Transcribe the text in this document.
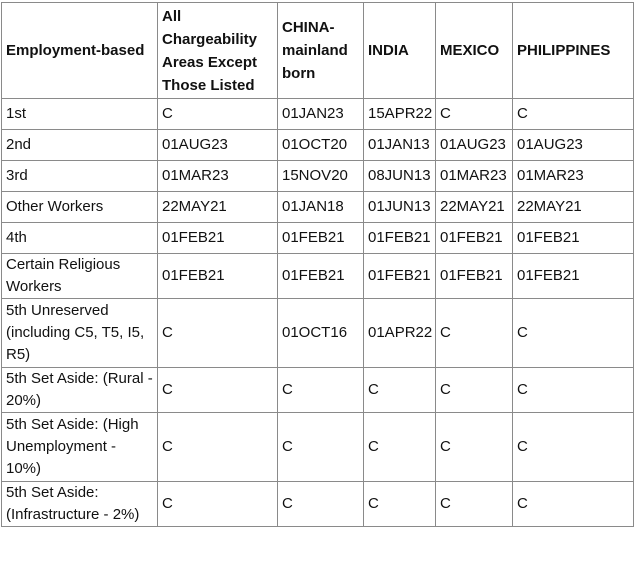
Employment-based	All Chargeability Areas Except Those Listed	CHINA-mainland born	INDIA	MEXICO	PHILIPPINES
1st	C	01JAN23	15APR22	C	C
2nd	01AUG23	01OCT20	01JAN13	01AUG23	01AUG23
3rd	01MAR23	15NOV20	08JUN13	01MAR23	01MAR23
Other Workers	22MAY21	01JAN18	01JUN13	22MAY21	22MAY21
4th	01FEB21	01FEB21	01FEB21	01FEB21	01FEB21
Certain Religious Workers	01FEB21	01FEB21	01FEB21	01FEB21	01FEB21
5th Unreserved (including C5, T5, I5, R5)	C	01OCT16	01APR22	C	C
5th Set Aside: (Rural - 20%)	C	C	C	C	C
5th Set Aside: (High Unemployment - 10%)	C	C	C	C	C
5th Set Aside: (Infrastructure - 2%)	C	C	C	C	C
